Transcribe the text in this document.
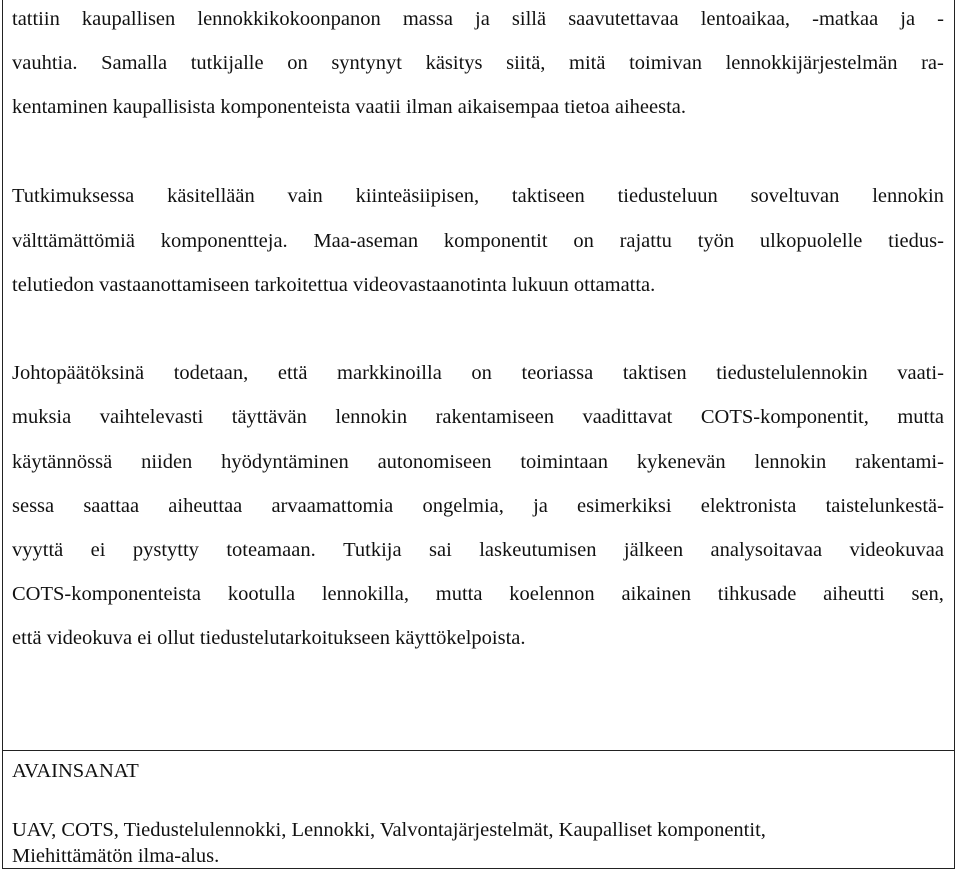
tattiin kaupallisen lennokkikokoonpanon massa ja sillä saavutettavaa lentoaikaa, -matkaa ja -
vauhtia. Samalla tutkijalle on syntynyt käsitys siitä, mitä toimivan lennokkijärjestelmän ra-
kentaminen kaupallisista komponenteista vaatii ilman aikaisempaa tietoa aiheesta.
Tutkimuksessa käsitellään vain kiinteäsiipisen, taktiseen tiedusteluun soveltuvan lennokin
välttämättömiä komponentteja. Maa-aseman komponentit on rajattu työn ulkopuolelle tiedus-
telutiedon vastaanottamiseen tarkoitettua videovastaanotinta lukuun ottamatta.
Johtopäätöksinä todetaan, että markkinoilla on teoriassa taktisen tiedustelulennokin vaati-
muksia vaihtelevasti täyttävän lennokin rakentamiseen vaadittavat COTS-komponentit, mutta
käytännössä niiden hyödyntäminen autonomiseen toimintaan kykenevän lennokin rakentami-
sessa saattaa aiheuttaa arvaamattomia ongelmia, ja esimerkiksi elektronista taistelunkestä-
vyyttä ei pystytty toteamaan. Tutkija sai laskeutumisen jälkeen analysoitavaa videokuvaa
COTS-komponenteista kootulla lennokilla, mutta koelennon aikainen tihkusade aiheutti sen,
että videokuva ei ollut tiedustelutarkoitukseen käyttökelpoista.
AVAINSANAT
UAV, COTS, Tiedustelulennokki, Lennokki, Valvontajärjestelmät, Kaupalliset komponentit,
Miehittämätön ilma-alus.
